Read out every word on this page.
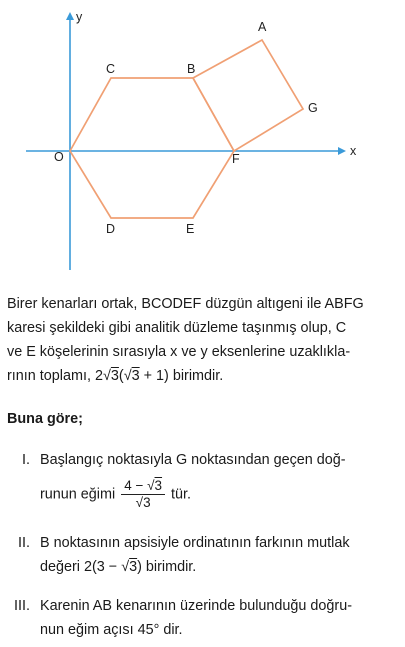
y
x
O
C	B
A
G
F
D	E
Birer kenarları ortak, BCODEF düzgün altıgeni ile ABFG
karesi şekildeki gibi analitik düzleme taşınmış olup, C
ve E köşelerinin sırasıyla x ve y eksenlerine uzaklıkla-
rının toplamı, 2√3(√3 + 1) birimdir.
Buna göre;
I. Başlangıç noktasıyla G noktasından geçen doğ-
runun eğimi $\frac{4 - √3}{√3}$ tür.
II. B noktasının apsisiyle ordinatının farkının mutlak
değeri 2(3 − √3) birimdir.
III. Karenin AB kenarının üzerinde bulunduğu doğru-
nun eğim açısı 45° dir.
